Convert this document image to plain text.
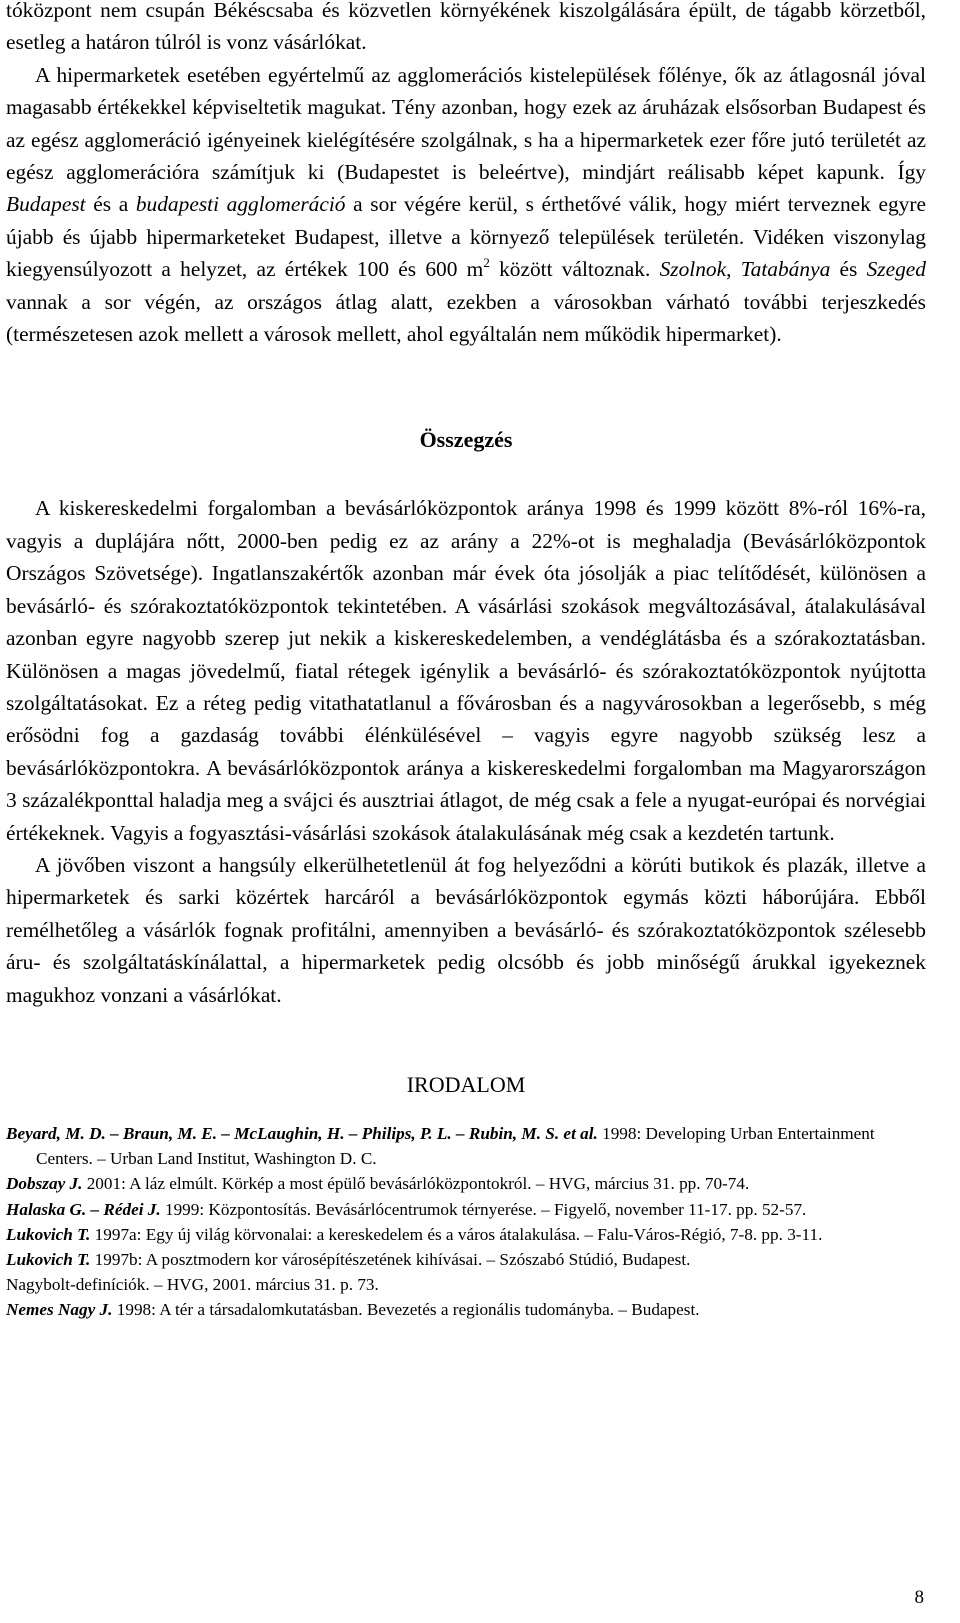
tóközpont nem csupán Békéscsaba és közvetlen környékének kiszolgálására épült, de tágabb körzetből, esetleg a határon túlról is vonz vásárlókat.

A hipermarketek esetében egyértelmű az agglomerációs kistelepülések főlénye, ők az átlagosnál jóval magasabb értékekkel képviseltetik magukat. Tény azonban, hogy ezek az áruházak elsősorban Budapest és az egész agglomeráció igényeinek kielégítésére szolgálnak, s ha a hipermarketek ezer főre jutó területét az egész agglomerációra számítjuk ki (Budapestet is beleértve), mindjárt reálisabb képet kapunk. Így Budapest és a budapesti agglomeráció a sor végére kerül, s érthetővé válik, hogy miért terveznek egyre újabb és újabb hipermarketeket Budapest, illetve a környező települések területén. Vidéken viszonylag kiegyensúlyozott a helyzet, az értékek 100 és 600 $m^2$ között változnak. Szolnok, Tatabánya és Szeged vannak a sor végén, az országos átlag alatt, ezekben a városokban várható további terjeszkedés (természetesen azok mellett a városok mellett, ahol egyáltalán nem működik hipermarket).

Összegzés

A kiskereskedelmi forgalomban a bevásárlóközpontok aránya 1998 és 1999 között 8%-ról 16%-ra, vagyis a duplájára nőtt, 2000-ben pedig ez az arány a 22%-ot is meghaladja (Bevásárlóközpontok Országos Szövetsége). Ingatlanszakértők azonban már évek óta jósolják a piac telítődését, különösen a bevásárló- és szórakoztatóközpontok tekintetében. A vásárlási szokások megváltozásával, átalakulásával azonban egyre nagyobb szerep jut nekik a kiskereskedelemben, a vendéglátásba és a szórakoztatásban. Különösen a magas jövedelmű, fiatal rétegek igénylik a bevásárló- és szórakoztatóközpontok nyújtotta szolgáltatásokat. Ez a réteg pedig vitathatatlanul a fővárosban és a nagyvárosokban a legerősebb, s még erősödni fog a gazdaság további élénkülésével – vagyis egyre nagyobb szükség lesz a bevásárlóközpontokra. A bevásárlóközpontok aránya a kiskereskedelmi forgalomban ma Magyarországon 3 százalékponttal haladja meg a svájci és ausztriai átlagot, de még csak a fele a nyugat-európai és norvégiai értékeknek. Vagyis a fogyasztási-vásárlási szokások átalakulásának még csak a kezdetén tartunk.

A jövőben viszont a hangsúly elkerülhetetlenül át fog helyeződni a körúti butikok és plazák, illetve a hipermarketek és sarki közértek harcáról a bevásárlóközpontok egymás közti háborújára. Ebből remélhetőleg a vásárlók fognak profitálni, amennyiben a bevásárló- és szórakoztatóközpontok szélesebb áru- és szolgáltatáskínálattal, a hipermarketek pedig olcsóbb és jobb minőségű árukkal igyekeznek magukhoz vonzani a vásárlókat.

IRODALOM

Beyard, M. D. – Braun, M. E. – McLaughin, H. – Philips, P. L. – Rubin, M. S. et al. 1998: Developing Urban Entertainment Centers. – Urban Land Institut, Washington D. C.

Dobszay J. 2001: A láz elmúlt. Körkép a most épülő bevásárlóközpontokról. – HVG, március 31. pp. 70-74.

Halaska G. – Rédei J. 1999: Központosítás. Bevásárlócentrumok térnyerése. – Figyelő, november 11-17. pp. 52-57.

Lukovich T. 1997a: Egy új világ körvonalai: a kereskedelem és a város átalakulása. – Falu-Város-Régió, 7-8. pp. 3-11.

Lukovich T. 1997b: A posztmodern kor városépítészetének kihívásai. – Szószabó Stúdió, Budapest.

Nagybolt-definíciók. – HVG, 2001. március 31. p. 73.

Nemes Nagy J. 1998: A tér a társadalomkutatásban. Bevezetés a regionális tudományba. – Budapest.

8
